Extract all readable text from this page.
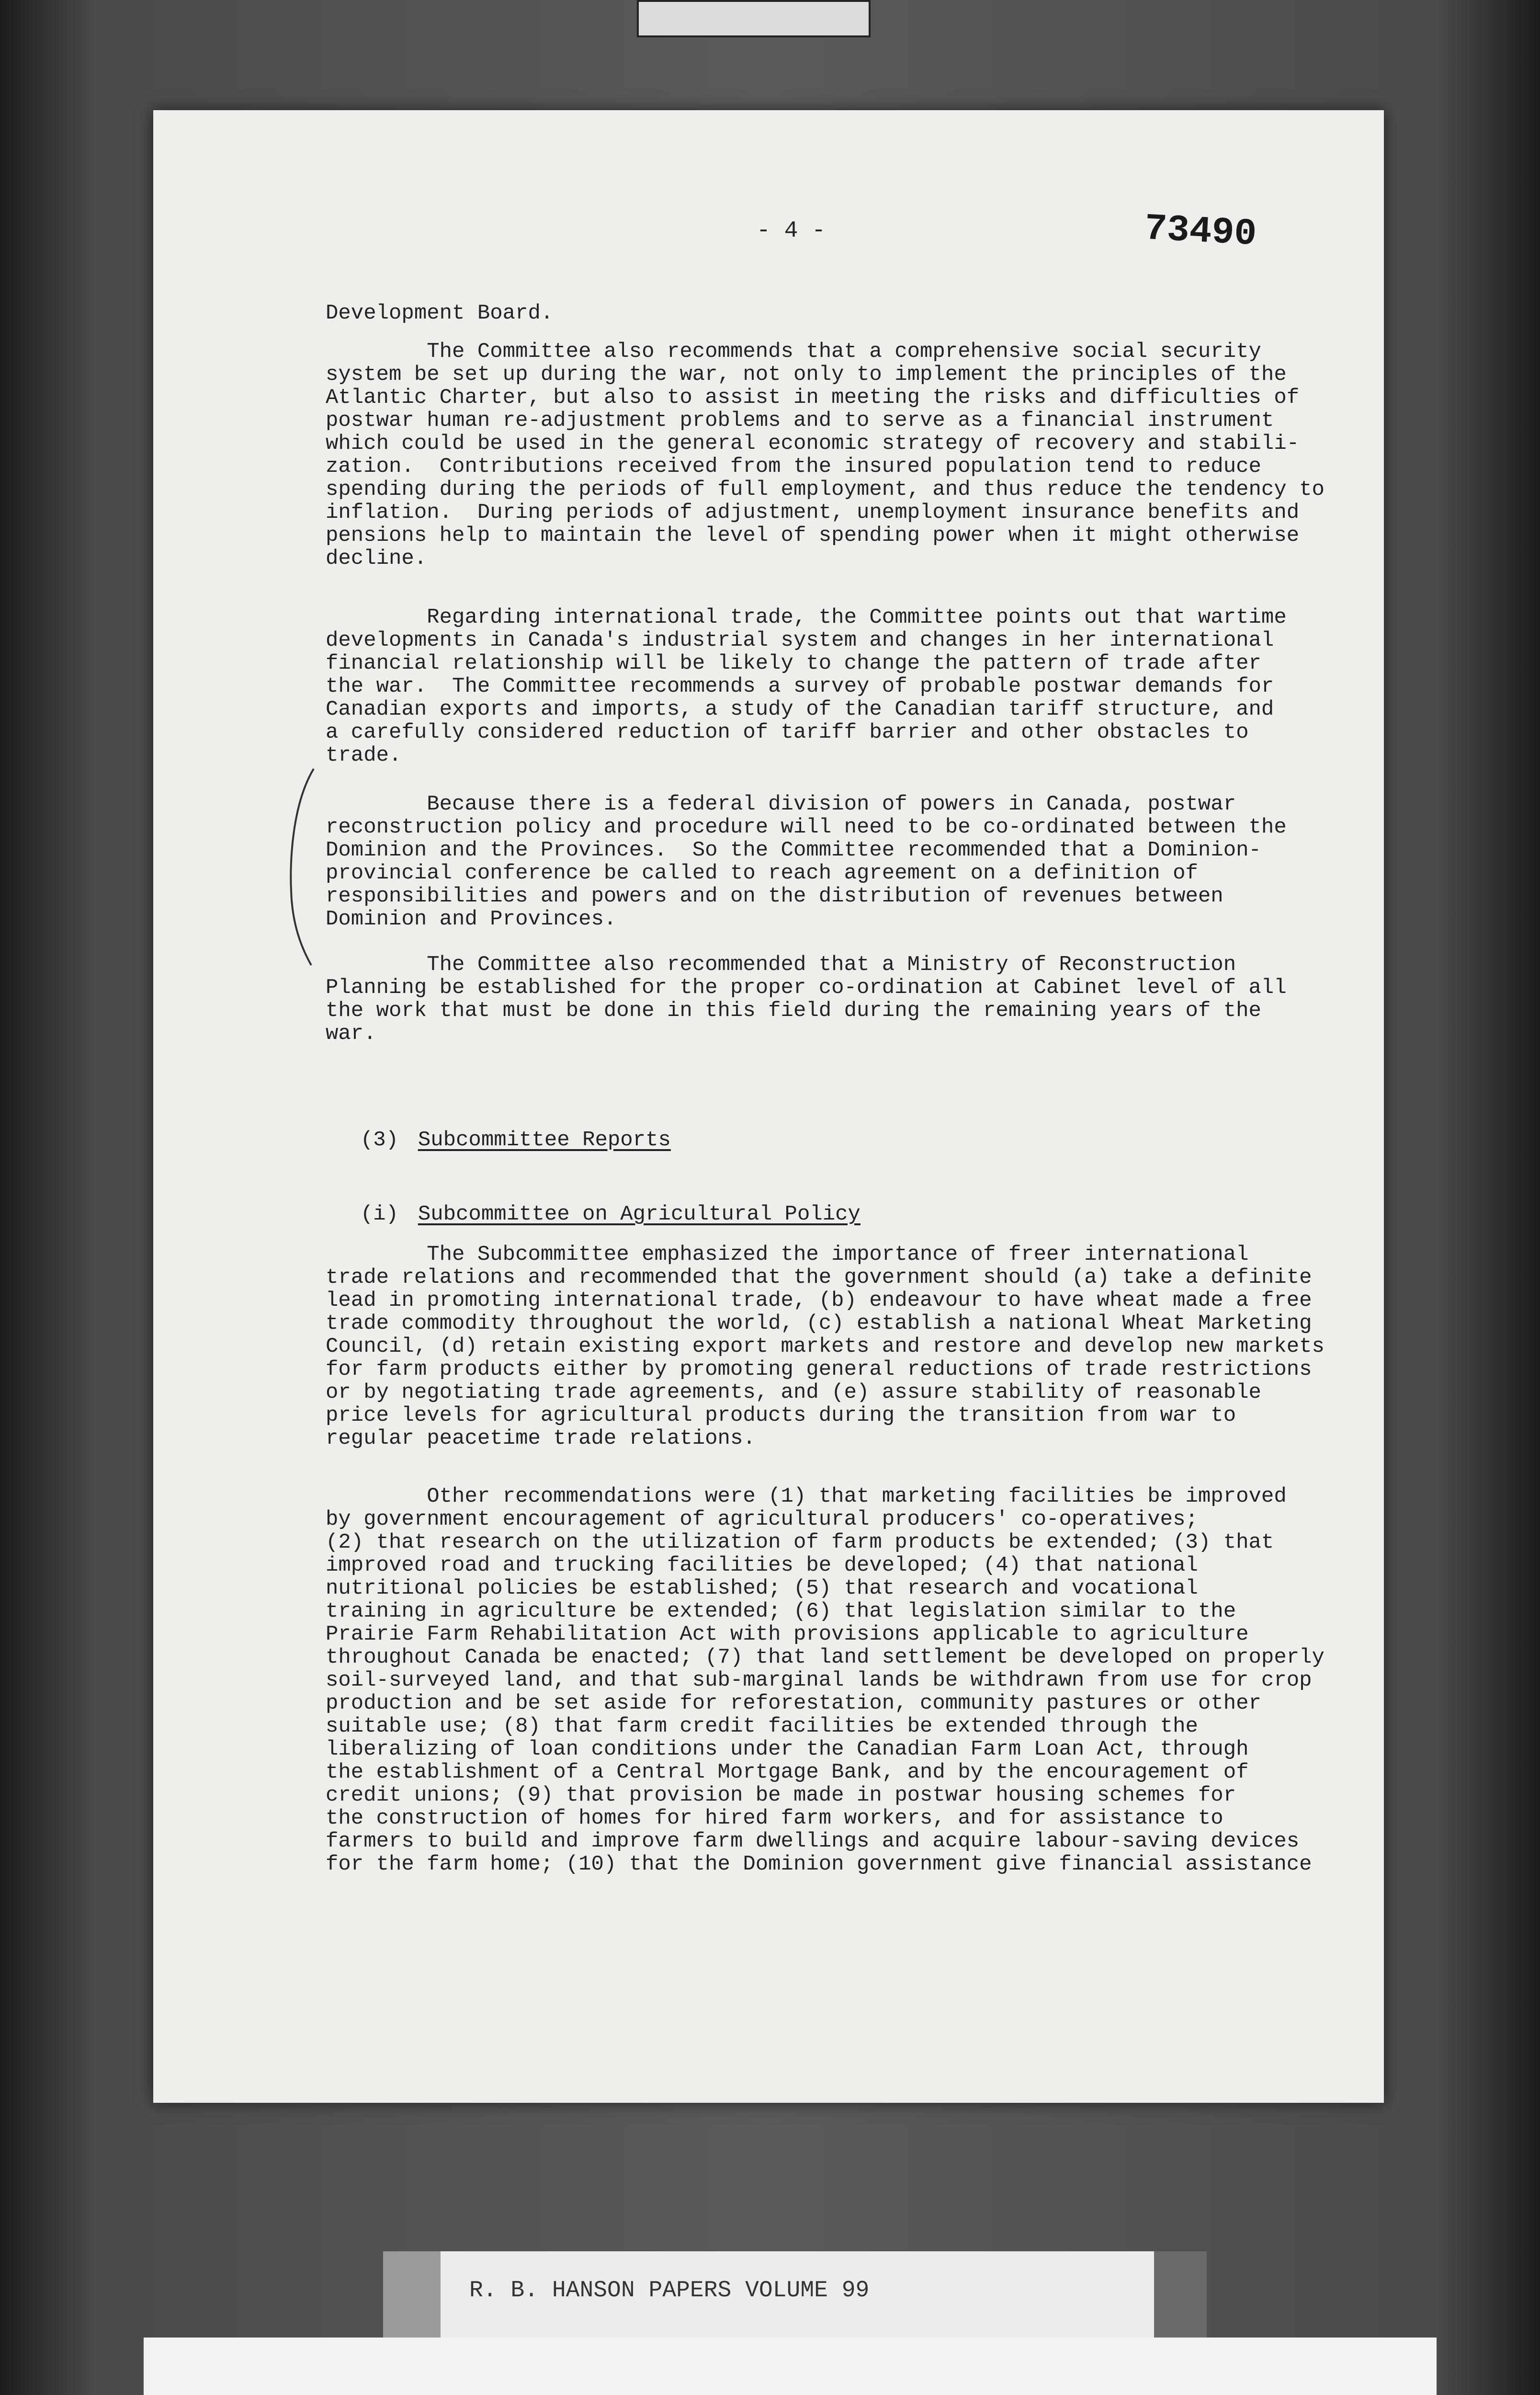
- 4 -	73490
Development Board.
The Committee also recommends that a comprehensive social security
system be set up during the war, not only to implement the principles of the
Atlantic Charter, but also to assist in meeting the risks and difficulties of
postwar human re-adjustment problems and to serve as a financial instrument
which could be used in the general economic strategy of recovery and stabili-
zation.  Contributions received from the insured population tend to reduce
spending during the periods of full employment, and thus reduce the tendency
inflation.  During periods of adjustment, unemployment insurance benefits and
pensions help to maintain the level of spending power when it might otherwise
decline.
Regarding international trade, the Committee points out that wartime
developments in Canada's industrial system and changes in her international
financial relationship will be likely to change the pattern of trade after
the war.  The Committee recommends a survey of probable postwar demands for
Canadian exports and imports, a study of the Canadian tariff structure, and
a carefully considered reduction of tariff barrier and other obstacles to
trade.
Because there is a federal division of powers in Canada, postwar
reconstruction policy and procedure will need to be co-ordinated between the
Dominion and the Provinces.  So the Committee recommended that a Dominion-
provincial conference be called to reach agreement on a definition of
responsibilities and powers and on the distribution of revenues between
Dominion and Provinces.
The Committee also recommended that a Ministry of Reconstruction
Planning be established for the proper co-ordination at Cabinet level of all
the work that must be done in this field during the remaining years of the
war.

(3) Subcommittee Reports

(i) Subcommittee on Agricultural Policy

The Subcommittee emphasized the importance of freer international
trade relations and recommended that the government should (a) take a definite
lead in promoting international trade, (b) endeavour to have wheat made a free
trade commodity throughout the world, (c) establish a national Wheat Marketing
Council, (d) retain existing export markets and restore and develop new markets
for farm products either by promoting general reductions of trade restrictions
or by negotiating trade agreements, and (e) assure stability of reasonable
price levels for agricultural products during the transition from war to
regular peacetime trade relations.
Other recommendations were (1) that marketing facilities be improved
by government encouragement of agricultural producers' co-operatives;
(2) that research on the utilization of farm products be extended; (3) that
improved road and trucking facilities be developed; (4) that national
nutritional policies be established; (5) that research and vocational
training in agriculture be extended; (6) that legislation similar to the
Prairie Farm Rehabilitation Act with provisions applicable to agriculture
throughout Canada be enacted; (7) that land settlement be developed on properly
soil-surveyed land, and that sub-marginal lands be withdrawn from use for crop
production and be set aside for reforestation, community pastures or other
suitable use; (8) that farm credit facilities be extended through the
liberalizing of loan conditions under the Canadian Farm Loan Act, through
the establishment of a Central Mortgage Bank, and by the encouragement of
credit unions; (9) that provision be made in postwar housing schemes for
the construction of homes for hired farm workers, and for assistance to
farmers to build and improve farm dwellings and acquire labour-saving devices
for the farm home; (10) that the Dominion government give financial assistance
R. B. HANSON PAPERS VOLUME 99
